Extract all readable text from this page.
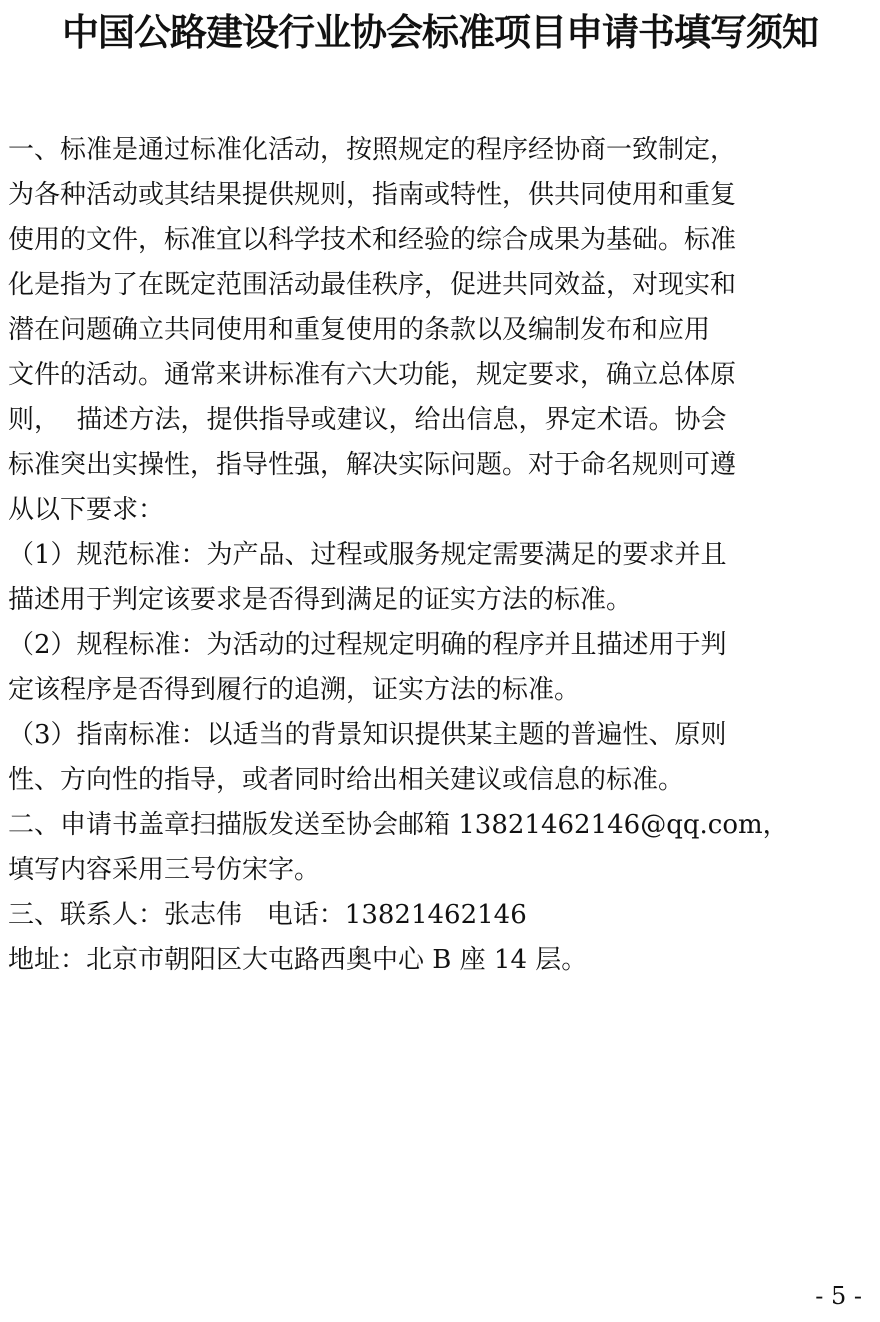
中国公路建设行业协会标准项目申请书填写须知
一、标准是通过标准化活动，按照规定的程序经协商一致制定，
为各种活动或其结果提供规则，指南或特性，供共同使用和重复
使用的文件，标准宜以科学技术和经验的综合成果为基础。标准
化是指为了在既定范围活动最佳秩序，促进共同效益，对现实和
潜在问题确立共同使用和重复使用的条款以及编制发布和应用
文件的活动。通常来讲标准有六大功能，规定要求，确立总体原
则，  描述方法，提供指导或建议，给出信息，界定术语。协会
标准突出实操性，指导性强，解决实际问题。对于命名规则可遵
从以下要求：
（1）规范标准：为产品、过程或服务规定需要满足的要求并且
描述用于判定该要求是否得到满足的证实方法的标准。
（2）规程标准：为活动的过程规定明确的程序并且描述用于判
定该程序是否得到履行的追溯，证实方法的标准。
（3）指南标准：以适当的背景知识提供某主题的普遍性、原则
性、方向性的指导，或者同时给出相关建议或信息的标准。
二、申请书盖章扫描版发送至协会邮箱 13821462146@qq.com，
填写内容采用三号仿宋字。
三、联系人：张志伟   电话：13821462146
地址：北京市朝阳区大屯路西奥中心 B 座 14 层。
- 5 -
